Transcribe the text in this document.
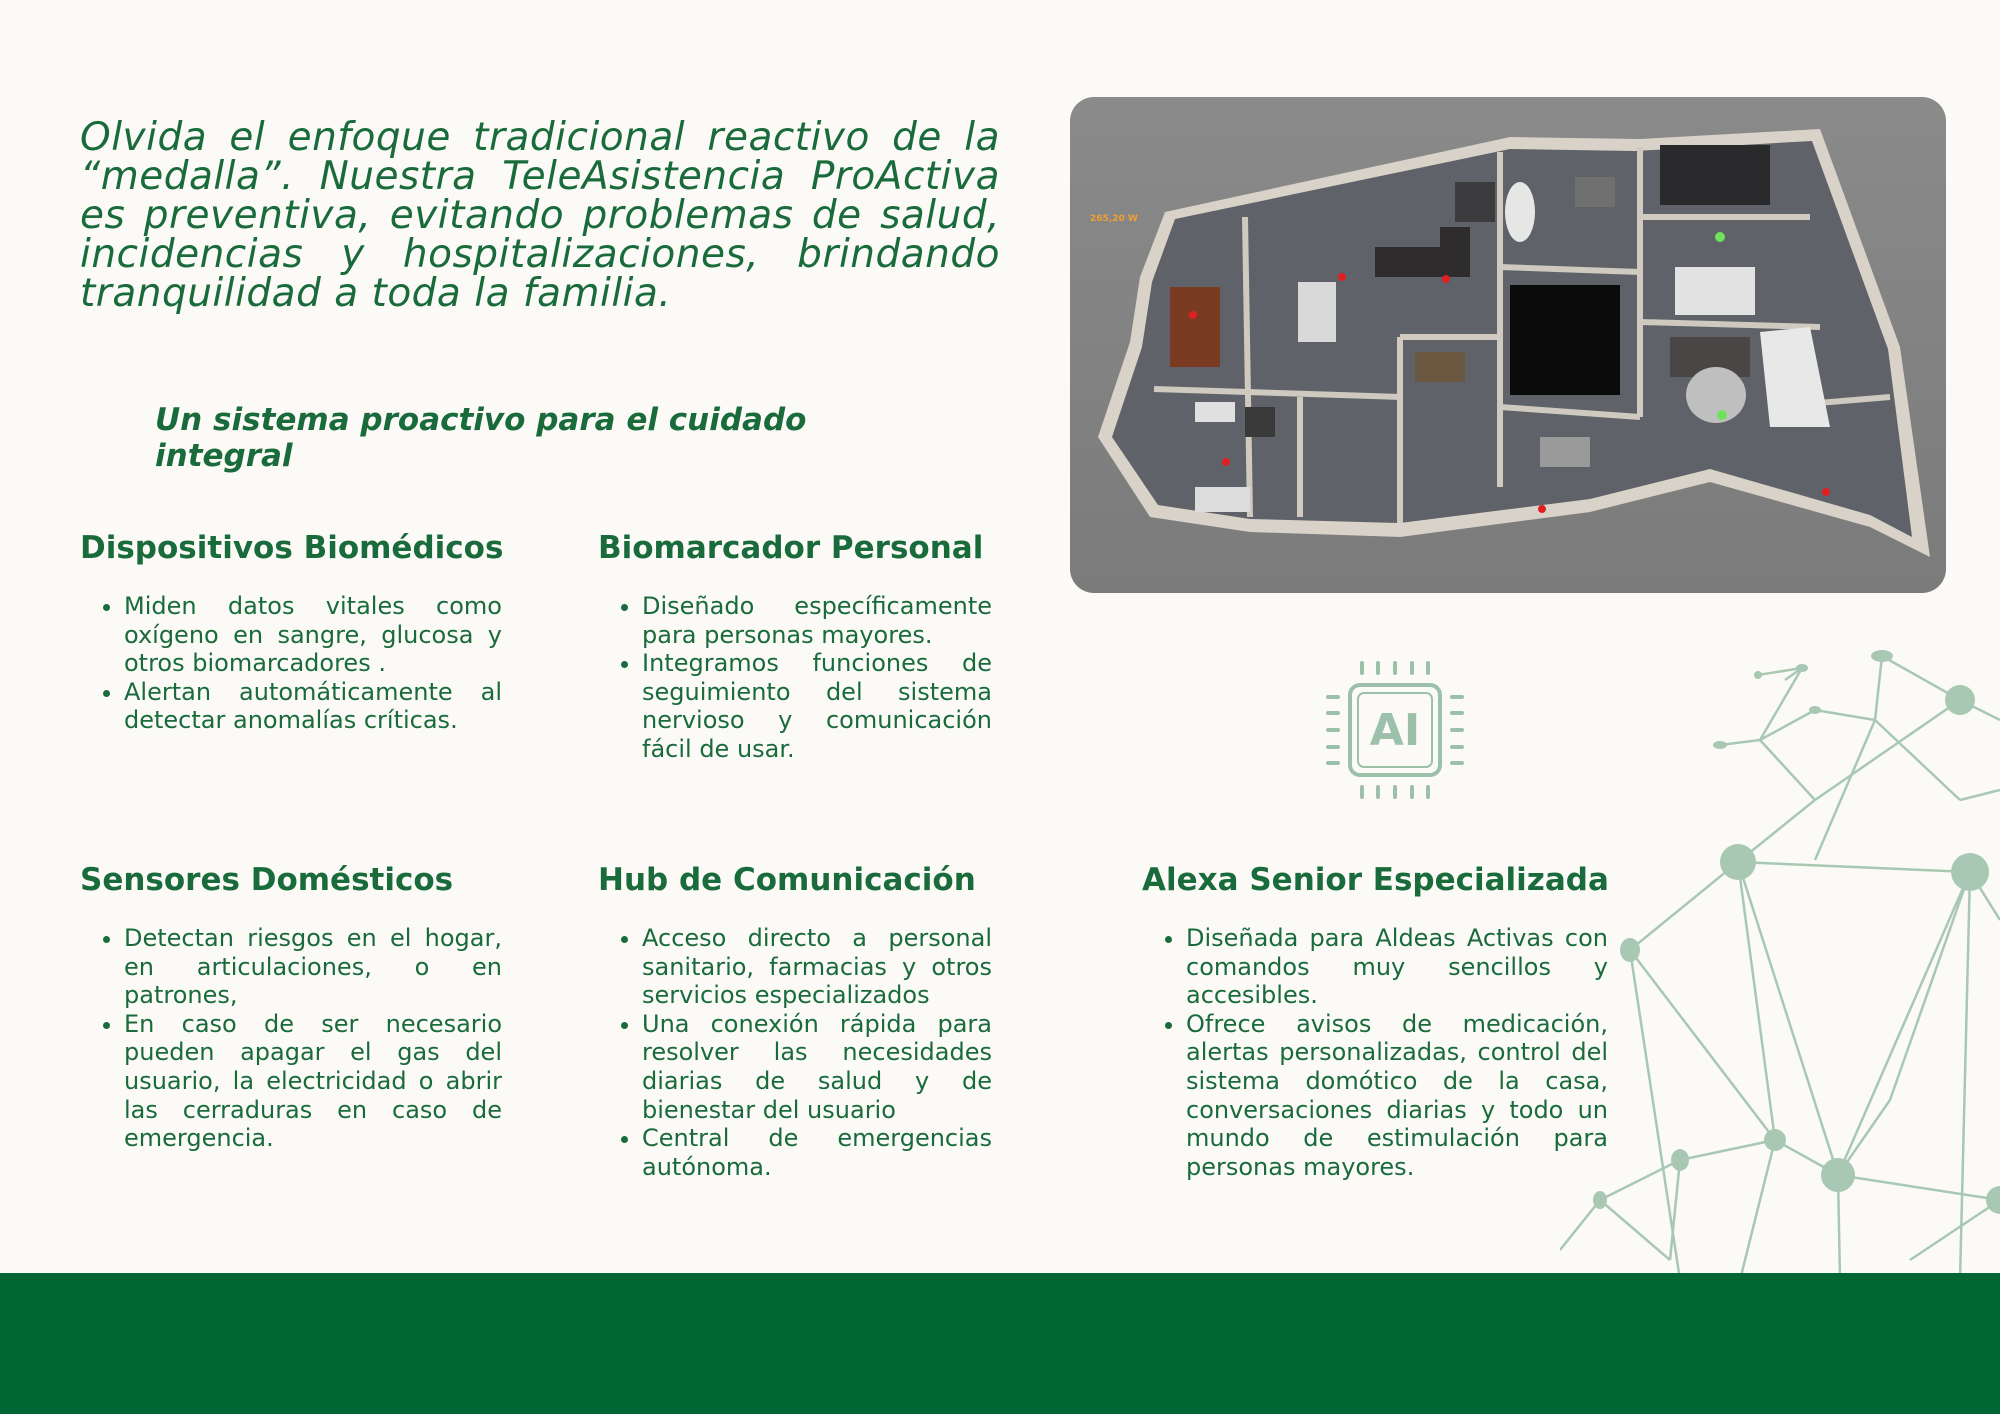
Olvida el enfoque tradicional reactivo de la “medalla”. Nuestra TeleAsistencia ProActiva es preventiva, evitando problemas de salud, incidencias y hospitalizaciones, brindando tranquilidad a toda la familia.

Un sistema proactivo para el cuidado integral

265,20 W
AI
Dispositivos Biomédicos
• Miden datos vitales como oxígeno en sangre, glucosa y otros biomarcadores .
• Alertan automáticamente al detectar anomalías críticas.
Biomarcador Personal
• Diseñado específicamente para personas mayores.
• Integramos funciones de seguimiento del sistema nervioso y comunicación fácil de usar.
Sensores Domésticos
• Detectan riesgos en el hogar, en articulaciones, o en patrones,
• En caso de ser necesario pueden apagar el gas del usuario, la electricidad o abrir las cerraduras en caso de emergencia.
Hub de Comunicación
• Acceso directo a personal sanitario, farmacias y otros servicios especializados
• Una conexión rápida para resolver las necesidades diarias de salud y de bienestar del usuario
• Central de emergencias autónoma.
Alexa Senior Especializada
• Diseñada para Aldeas Activas con comandos muy sencillos y accesibles.
• Ofrece avisos de medicación, alertas personalizadas, control del sistema domótico de la casa, conversaciones diarias y todo un mundo de estimulación para personas mayores.
